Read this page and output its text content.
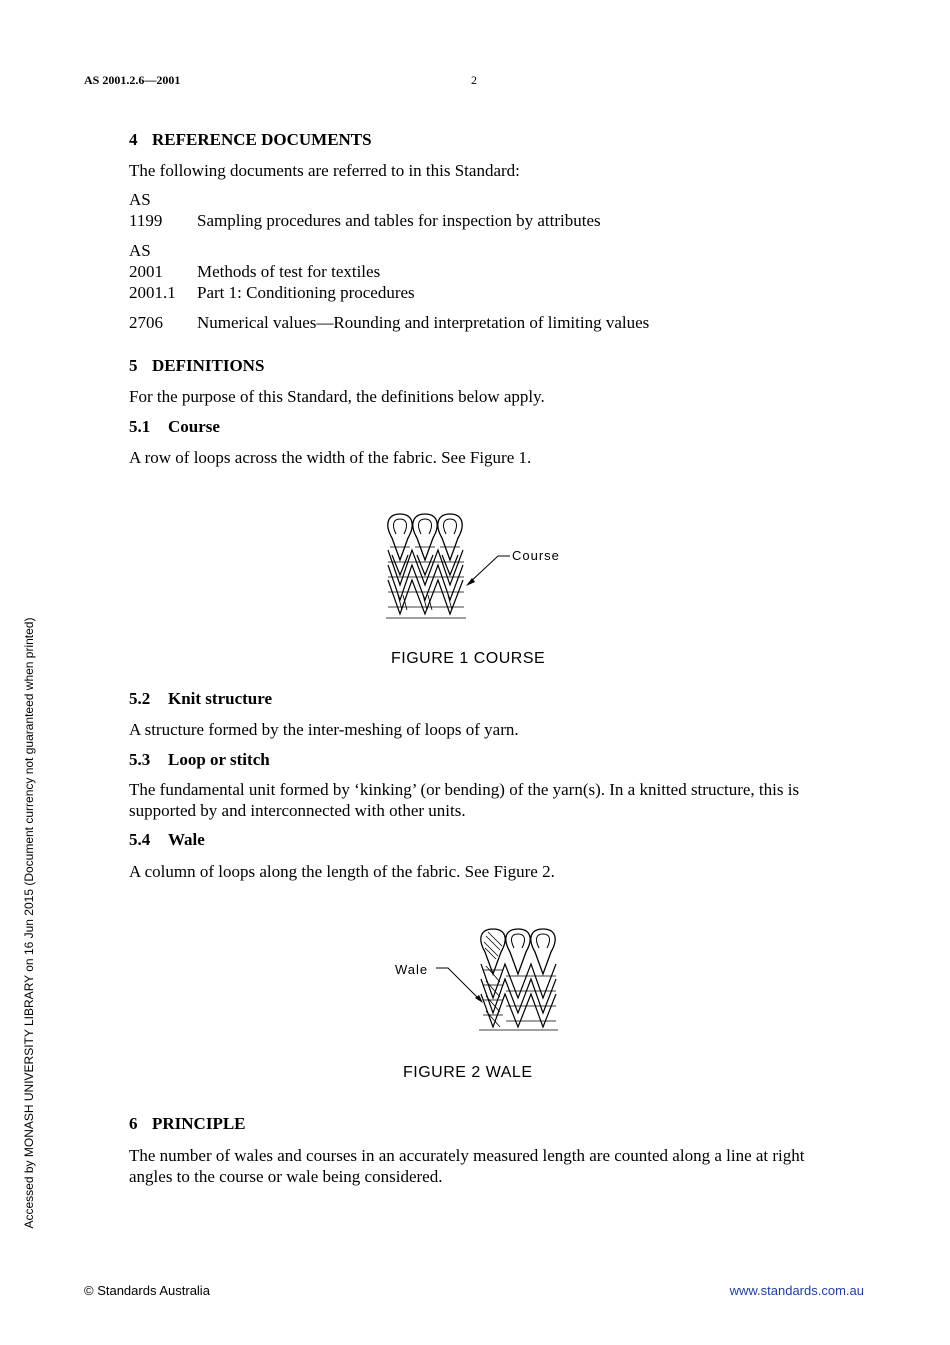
AS 2001.2.6—2001	2
Accessed by MONASH UNIVERSITY LIBRARY on 16 Jun 2015 (Document currency not guaranteed when printed)
4 REFERENCE DOCUMENTS
The following documents are referred to in this Standard:
AS
1199 Sampling procedures and tables for inspection by attributes
AS
2001 Methods of test for textiles
2001.1 Part 1: Conditioning procedures
2706 Numerical values—Rounding and interpretation of limiting values
5 DEFINITIONS
For the purpose of this Standard, the definitions below apply.
5.1 Course
A row of loops across the width of the fabric. See Figure 1.
Course
FIGURE 1 COURSE
5.2 Knit structure
A structure formed by the inter-meshing of loops of yarn.
5.3 Loop or stitch
The fundamental unit formed by ‘kinking’ (or bending) of the yarn(s). In a knitted structure, this is supported by and interconnected with other units.
5.4 Wale
A column of loops along the length of the fabric. See Figure 2.
Wale
FIGURE 2 WALE
6 PRINCIPLE
The number of wales and courses in an accurately measured length are counted along a line at right angles to the course or wale being considered.
© Standards Australia	www.standards.com.au
